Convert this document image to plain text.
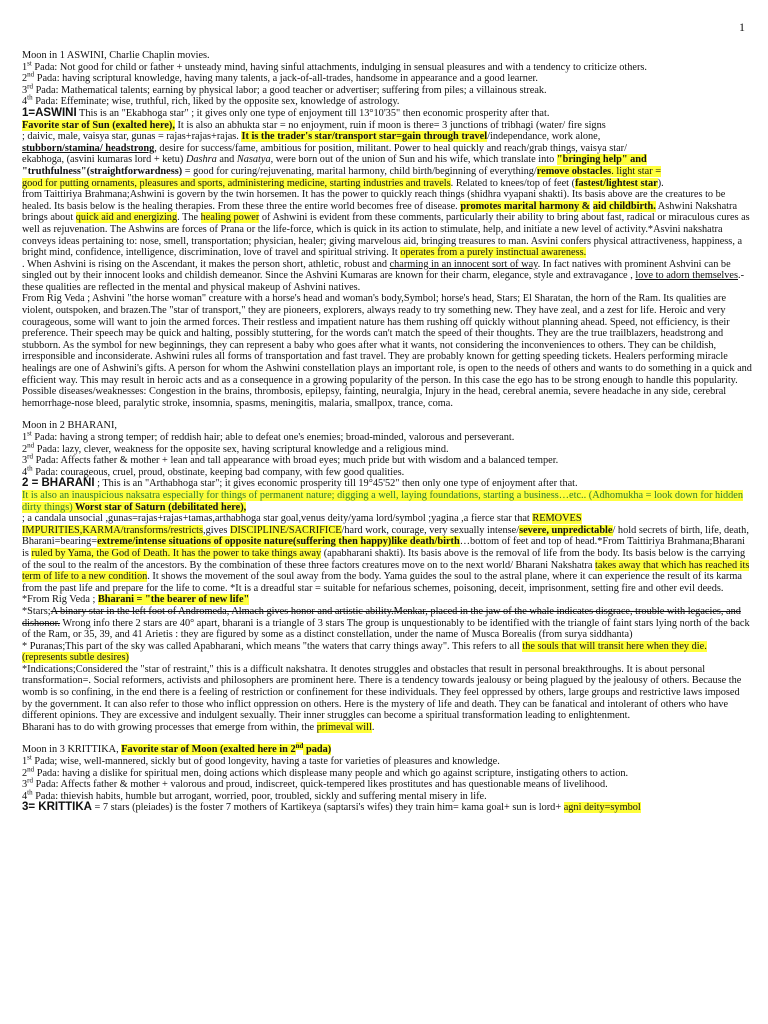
1

Moon in 1 ASWINI, Charlie Chaplin movies.

1st Pada: Not good for child or father + unsteady mind, having sinful attachments, indulging in sensual pleasures and with a tendency to criticize others.

2nd Pada: having scriptural knowledge, having many talents, a jack-of-all-trades, handsome in appearance and a good learner.

3rd Pada: Mathematical talents; earning by physical labor; a good teacher or advertiser; suffering from piles; a villainous streak.

4th Pada: Effeminate; wise, truthful, rich, liked by the opposite sex, knowledge of astrology.

1=ASWINI This is an "Ekabhoga star" ; it gives only one type of enjoyment till 13°10'35" then economic prosperity after that.

Favorite star of Sun (exalted here), It is also an abhukta star = no enjoyment, ruin if moon is there= 3 junctions of tribhagi (water/ fire signs
; daivic, male, vaisya star, gunas = rajas+rajas+rajas. It is the trader's star/transport star=gain through travel/independance, work alone,
stubborn/stamina/ headstrong, desire for success/fame, ambitious for position, militant. Power to heal quickly and reach/grab things, vaisya star/
ekabhoga, (asvini kumaras lord + ketu) Dashra and Nasatya, were born out of the union of Sun and his wife, which translate into "bringing help" and
"truthfulness"(straightforwardness) = good for curing/rejuvenating, marital harmony, child birth/beginning of everything/remove obstacles. light star =
good for putting ornaments, pleasures and sports, administering medicine, starting industries and travels. Related to knees/top of feet (fastest/lightest star).
from Taittiriya Brahmana;Ashwini is govern by the twin horsemen. It has the power to quickly reach things (shidhra vyapani shakti). Its basis above are the creatures to be healed. Its basis below is the healing therapies. From these three the entire world becomes free of disease. promotes marital harmony & aid childbirth. Ashwini Nakshatra brings about quick aid and energizing. The healing power of Ashwini is evident from these comments, particularly their ability to bring about fast, radical or miraculous cures as well as rejuvenation. The Ashwins are forces of Prana or the life-force, which is quick in its action to stimulate, help, and initiate a new level of activity.*Asvini nakshatra conveys ideas pertaining to: nose, smell, transportation; physician, healer; giving marvelous aid, bringing treasures to man. Asvini confers physical attractiveness, happiness, a bright mind, confidence, intelligence, discrimination, love of travel and spiritual striving. It operates from a purely instinctual awareness.

. When Ashvini is rising on the Ascendant, it makes the person short, athletic, robust and charming in an innocent sort of way. In fact natives with prominent Ashvini can be singled out by their innocent looks and childish demeanor. Since the Ashvini Kumaras are known for their charm, elegance, style and extravagance , love to adorn themselves.- these qualities are reflected in the mental and physical makeup of Ashvini natives.

From Rig Veda ; Ashvini "the horse woman" creature with a horse's head and woman's body,Symbol; horse's head, Stars; El Sharatan, the horn of the Ram. Its qualities are violent, outspoken, and brazen.The "star of transport," they are pioneers, explorers, always ready to try something new. They have zeal, and a zest for life. Heroic and very courageous, some will want to join the armed forces. Their restless and impatient nature has them rushing off quickly without planning ahead. Speed, not efficiency, is their preference. Their speech may be quick and halting, possibly stuttering, for the words can't match the speed of their thoughts. They are the true trailblazers, headstrong and stubborn. As the symbol for new beginnings, they can represent a baby who goes after what it wants, not considering the inconveniences to others. They can be childish, irresponsible and inconsiderate. Ashwini rules all forms of transportation and fast travel. They are probably known for getting speeding tickets. Healers performing miracle healings are one of Ashwini's gifts. A person for whom the Ashwini constellation plays an important role, is open to the needs of others and wants to do something in a quick and efficient way. This may result in heroic acts and as a consequence in a growing popularity of the person. In this case the ego has to be strong enough to handle this popularity.

Possible diseases/weaknesses: Congestion in the brains, thrombosis, epilepsy, fainting, neuralgia, Injury in the head, cerebral anemia, severe headache in any side, cerebral hemorrhage-nose bleed, paralytic stroke, insomnia, spasms, meningitis, malaria, smallpox, trance, coma.

Moon in 2 BHARANI,

1st Pada: having a strong temper; of reddish hair; able to defeat one's enemies; broad-minded, valorous and perseverant.

2nd Pada: lazy, clever, weakness for the opposite sex, having scriptural knowledge and a religious mind.

3rd Pada: Affects father & mother + lean and tall appearance with broad eyes; much pride but with wisdom and a balanced temper.

4th Pada: courageous, cruel, proud, obstinate, keeping bad company, with few good qualities.

2 = BHARANI ; This is an "Arthabhoga star"; it gives economic prosperity till 19°45'52" then only one type of enjoyment after that.

It is also an inauspicious naksatra especially for things of permanent nature; digging a well, laying foundations, starting a business…etc.. (Adhomukha = look down for hidden dirty things) Worst star of Saturn (debilitated here),

; a candala unsocial ,gunas=rajas+rajas+tamas,arthabhoga star goal,venus deity/yama lord/symbol ;yagina ,a fierce star that REMOVES IMPURITIES,KARMA/transforms/restricts,gives DISCIPLINE/SACRIFICE/hard work, courage, very sexually intense/severe, unpredictable/ hold secrets of birth, life, death, Bharani=bearing=extreme/intense situations of opposite nature(suffering then happy)like death/birth…bottom of feet and top of head.*From Taittiriya Brahmana;Bharani is ruled by Yama, the God of Death. It has the power to take things away (apabharani shakti). Its basis above is the removal of life from the body. Its basis below is the carrying of the soul to the realm of the ancestors. By the combination of these three factors creatures move on to the next world/ Bharani Nakshatra takes away that which has reached its term of life to a new condition. It shows the movement of the soul away from the body. Yama guides the soul to the astral plane, where it can experience the result of its karma from the past life and prepare for the life to come. *It is a dreadful star = suitable for nefarious schemes, poisoning, deceit, imprisonment, setting fire and other evil deeds.

*From Rig Veda ; Bharani = "the bearer of new life"

*Stars;A binary star in the left foot of Andromeda, Almach gives honor and artistic ability.Menkar, placed in the jaw of the whale indicates disgrace, trouble with legacies, and dishonor. Wrong info there 2 stars are 40° apart, bharani is a triangle of 3 stars The group is unquestionably to be identified with the triangle of faint stars lying north of the back of the Ram, or 35, 39, and 41 Arietis : they are figured by some as a distinct constellation, under the name of Musca Borealis (from surya siddhanta)

* Puranas;This part of the sky was called Apabharani, which means "the waters that carry things away". This refers to all the souls that will transit here when they die. (represents subtle desires)

*Indications;Considered the "star of restraint," this is a difficult nakshatra. It denotes struggles and obstacles that result in personal breakthroughs. It is about personal transformation=. Social reformers, activists and philosophers are prominent here. There is a tendency towards jealousy or being plagued by the jealousy of others. Because the womb is so confining, in the end there is a feeling of restriction or confinement for these individuals. They feel oppressed by others, large groups and restrictive laws imposed by the government. It can also refer to those who inflict oppression on others. Here is the mystery of life and death. They can be fanatical and intolerant of others who have different opinions. They are excessive and indulgent sexually. Their inner struggles can become a spiritual transformation leading to enlightenment.

Bharani has to do with growing processes that emerge from within, the primeval will.

Moon in 3 KRITTIKA, Favorite star of Moon (exalted here in 2nd pada)

1st Pada; wise, well-mannered, sickly but of good longevity, having a taste for varieties of pleasures and knowledge.

2nd Pada: having a dislike for spiritual men, doing actions which displease many people and which go against scripture, instigating others to action.

3rd Pada: Affects father & mother + valorous and proud, indiscreet, quick-tempered likes prostitutes and has questionable means of livelihood.

4th Pada: thievish habits, humble but arrogant, worried, poor, troubled, sickly and suffering mental misery in life.

3= KRITTIKA = 7 stars (pleiades) is the foster 7 mothers of Kartikeya (saptarsi's wifes) they train him= kama goal+ sun is lord+ agni deity=symbol
